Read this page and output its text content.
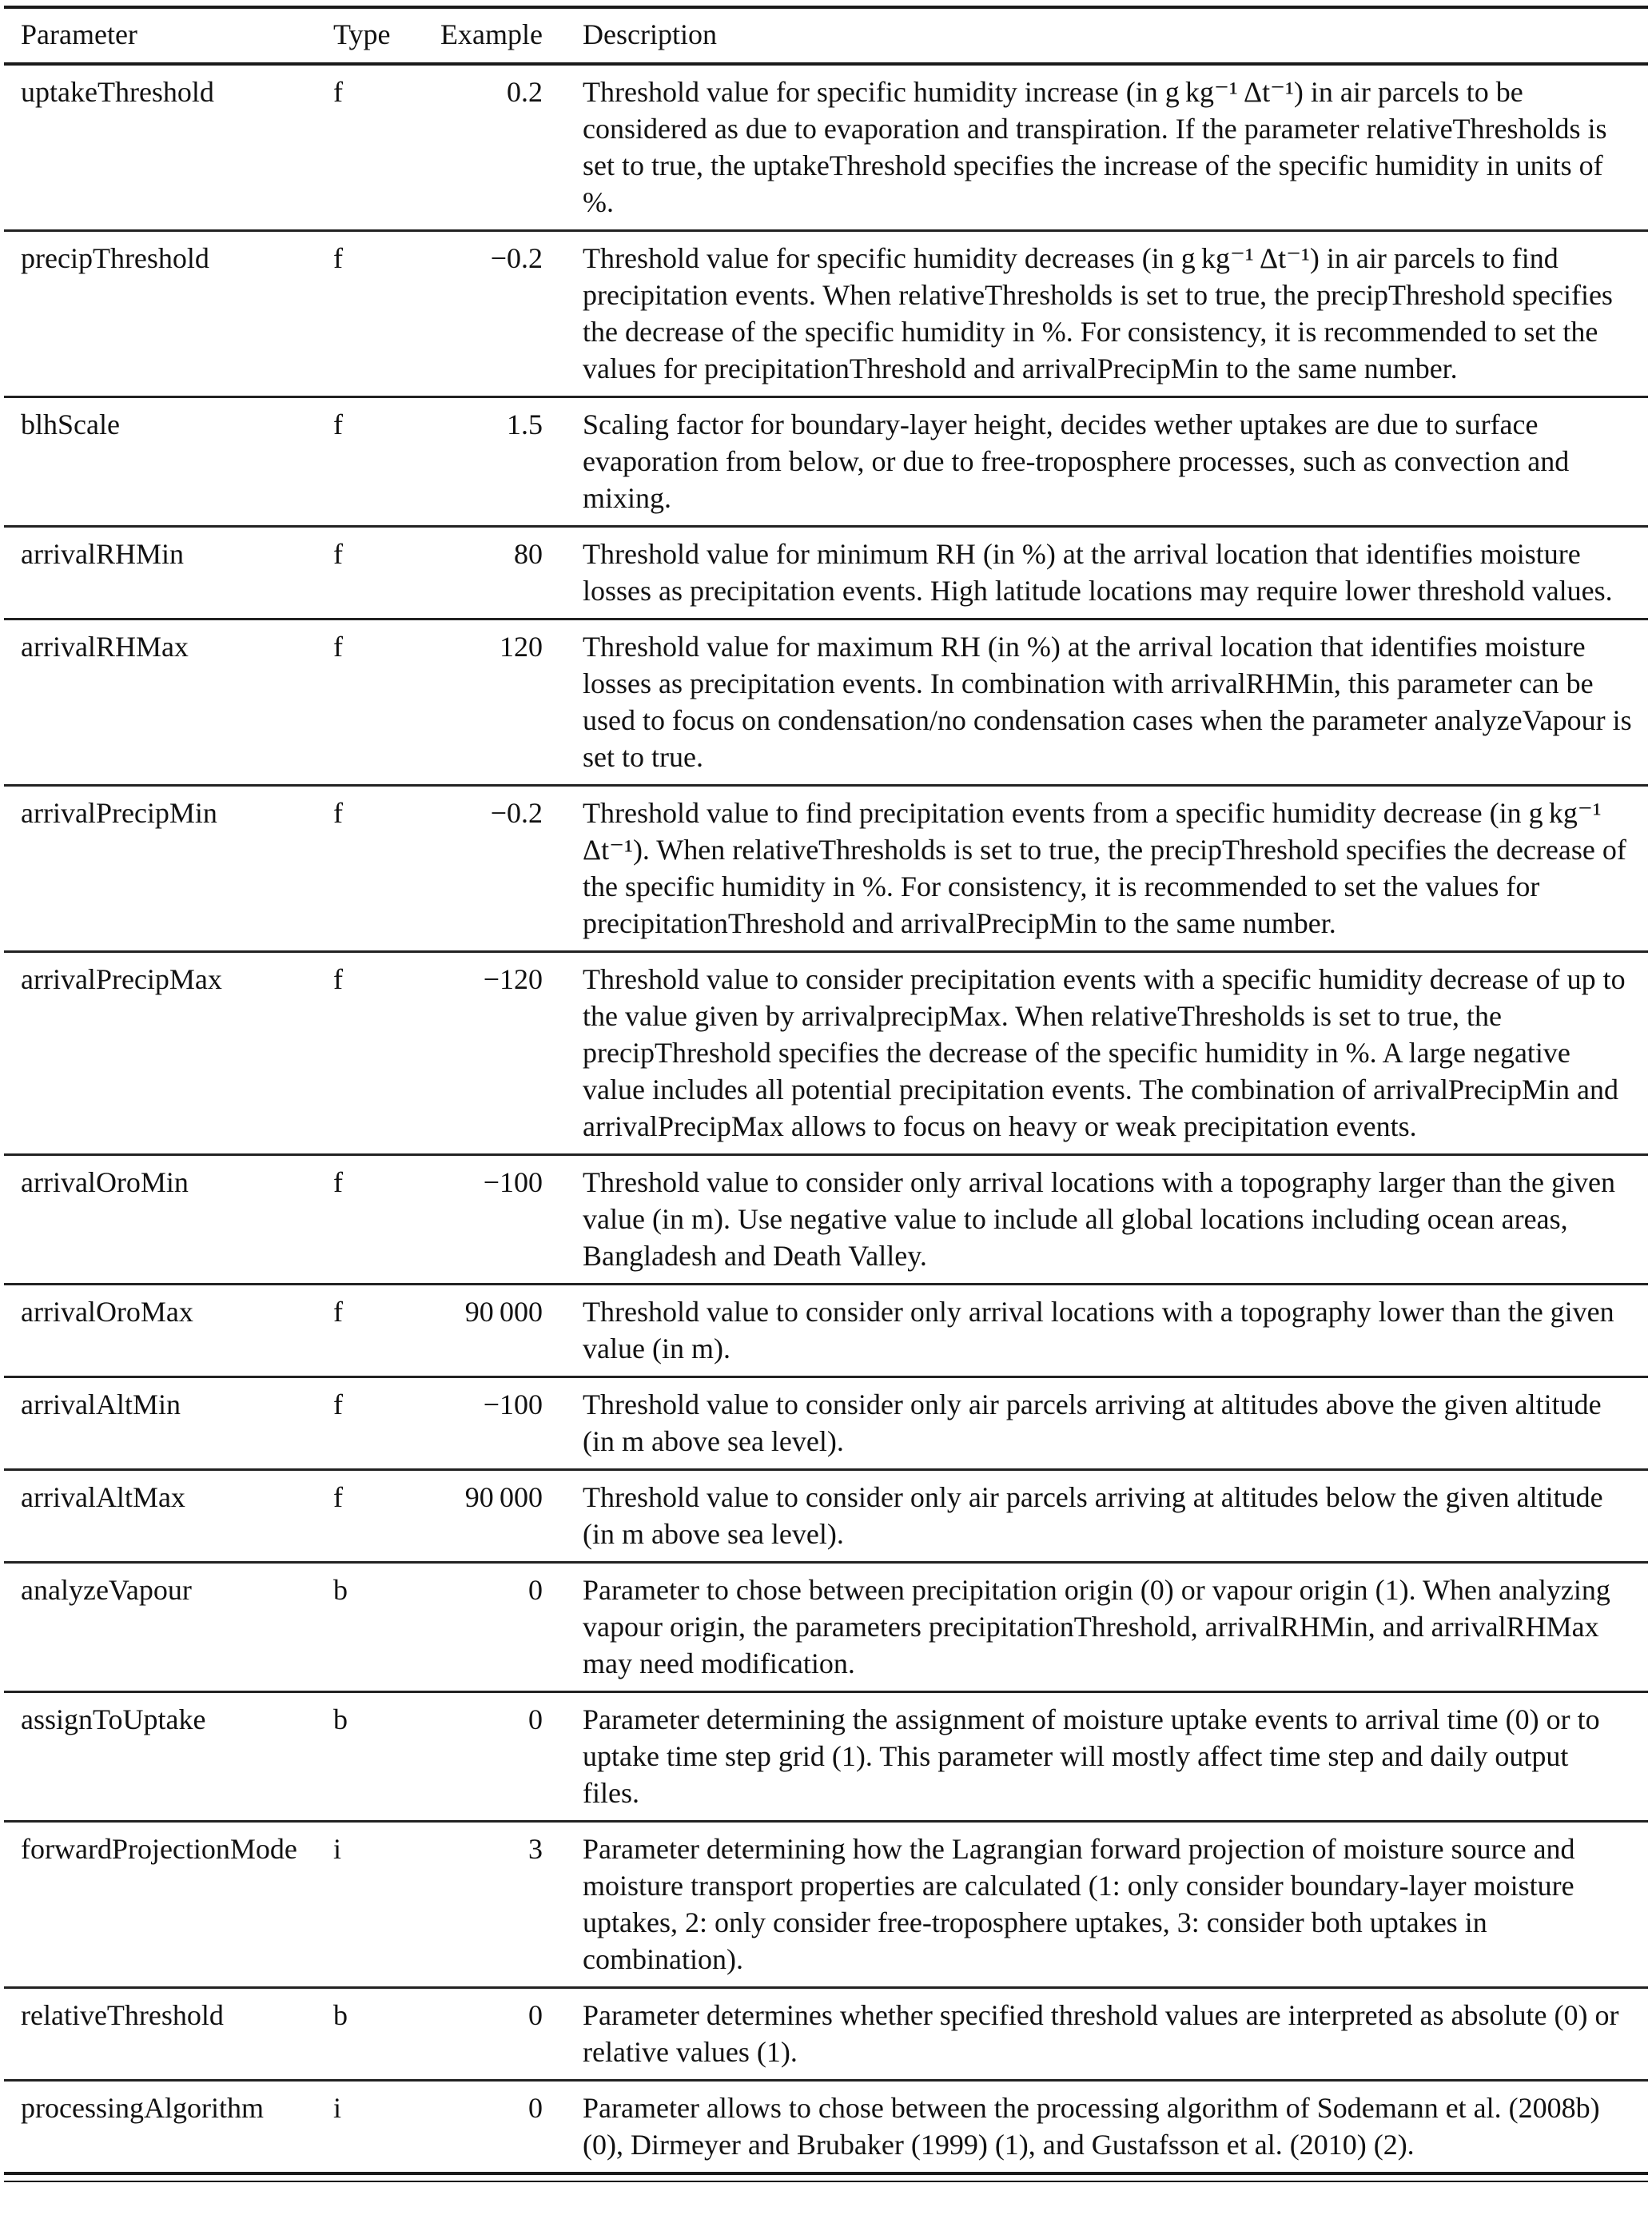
Parameter	Type	Example	Description
uptakeThreshold	f	0.2	Threshold value for specific humidity increase (in g kg⁻¹ Δt⁻¹) in air parcels to be considered as due to evaporation and transpiration. If the parameter relativeThresholds is set to true, the uptakeThreshold specifies the increase of the specific humidity in units of %.
precipThreshold	f	−0.2	Threshold value for specific humidity decreases (in g kg⁻¹ Δt⁻¹) in air parcels to find precipitation events. When relativeThresholds is set to true, the precipThreshold specifies the decrease of the specific humidity in %. For consistency, it is recommended to set the values for precipitationThreshold and arrivalPrecipMin to the same number.
blhScale	f	1.5	Scaling factor for boundary-layer height, decides wether uptakes are due to surface evaporation from below, or due to free-troposphere processes, such as convection and mixing.
arrivalRHMin	f	80	Threshold value for minimum RH (in %) at the arrival location that identifies moisture losses as precipitation events. High latitude locations may require lower threshold values.
arrivalRHMax	f	120	Threshold value for maximum RH (in %) at the arrival location that identifies moisture losses as precipitation events. In combination with arrivalRHMin, this parameter can be used to focus on condensation/no condensation cases when the parameter analyzeVapour is set to true.
arrivalPrecipMin	f	−0.2	Threshold value to find precipitation events from a specific humidity decrease (in g kg⁻¹ Δt⁻¹). When relativeThresholds is set to true, the precipThreshold specifies the decrease of the specific humidity in %. For consistency, it is recommended to set the values for precipitationThreshold and arrivalPrecipMin to the same number.
arrivalPrecipMax	f	−120	Threshold value to consider precipitation events with a specific humidity decrease of up to the value given by arrivalprecipMax. When relativeThresholds is set to true, the precipThreshold specifies the decrease of the specific humidity in %. A large negative value includes all potential precipitation events. The combination of arrivalPrecipMin and arrivalPrecipMax allows to focus on heavy or weak precipitation events.
arrivalOroMin	f	−100	Threshold value to consider only arrival locations with a topography larger than the given value (in m). Use negative value to include all global locations including ocean areas, Bangladesh and Death Valley.
arrivalOroMax	f	90 000	Threshold value to consider only arrival locations with a topography lower than the given value (in m).
arrivalAltMin	f	−100	Threshold value to consider only air parcels arriving at altitudes above the given altitude (in m above sea level).
arrivalAltMax	f	90 000	Threshold value to consider only air parcels arriving at altitudes below the given altitude (in m above sea level).
analyzeVapour	b	0	Parameter to chose between precipitation origin (0) or vapour origin (1). When analyzing vapour origin, the parameters precipitationThreshold, arrivalRHMin, and arrivalRHMax may need modification.
assignToUptake	b	0	Parameter determining the assignment of moisture uptake events to arrival time (0) or to uptake time step grid (1). This parameter will mostly affect time step and daily output files.
forwardProjectionMode	i	3	Parameter determining how the Lagrangian forward projection of moisture source and moisture transport properties are calculated (1: only consider boundary-layer moisture uptakes, 2: only consider free-troposphere uptakes, 3: consider both uptakes in combination).
relativeThreshold	b	0	Parameter determines whether specified threshold values are interpreted as absolute (0) or relative values (1).
processingAlgorithm	i	0	Parameter allows to chose between the processing algorithm of Sodemann et al. (2008b) (0), Dirmeyer and Brubaker (1999) (1), and Gustafsson et al. (2010) (2).
